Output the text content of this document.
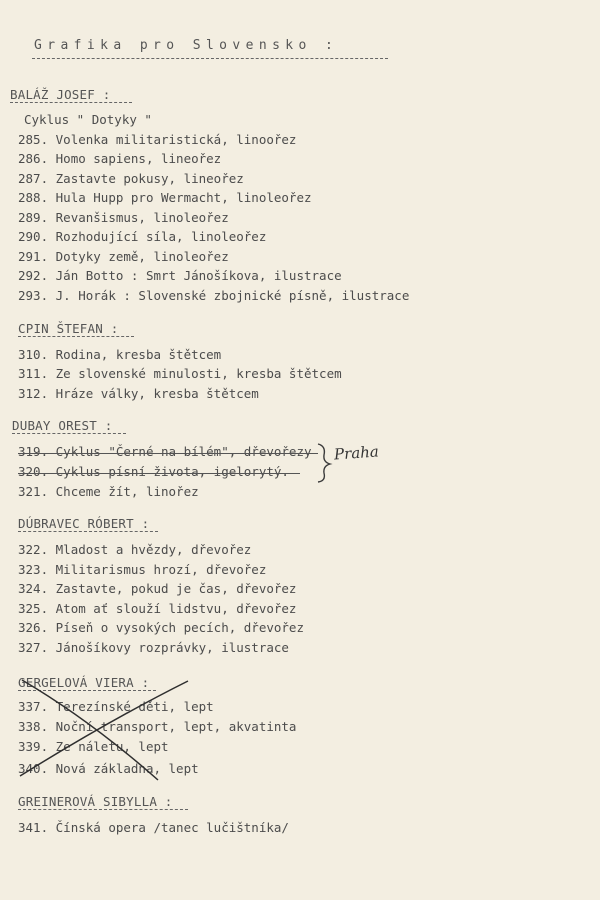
Grafika pro Slovensko :
BALÁŽ JOSEF :
Cyklus " Dotyky "
285. Volenka militaristická, linoořez
286. Homo sapiens, lineořez
287. Zastavte pokusy, lineořez
288. Hula Hupp pro Wermacht, linoleořez
289. Revanšismus, linoleořez
290. Rozhodující síla, linoleořez
291. Dotyky země, linoleořez
292. Ján Botto : Smrt Jánošíkova, ilustrace
293. J. Horák : Slovenské zbojnické písně, ilustrace
CPIN ŠTEFAN :
310. Rodina, kresba štětcem
311. Ze slovenské minulosti, kresba štětcem
312. Hráze války, kresba štětcem
DUBAY OREST :
319. Cyklus "Černé na bílém", dřevořezy
320. Cyklus písní života, igelorytý.
321. Chceme žít, linořez
Praha
DÚBRAVEC RÓBERT :
322. Mladost a hvězdy, dřevořez
323. Militarismus hrozí, dřevořez
324. Zastavte, pokud je čas, dřevořez
325. Atom ať slouží lidstvu, dřevořez
326. Píseň o vysokých pecích, dřevořez
327. Jánošíkovy rozprávky, ilustrace
GERGELOVÁ VIERA :
337. Terezínské děti, lept
338. Noční transport, lept, akvatinta
339. Ze náletu, lept
340. Nová základna, lept
GREINEROVÁ SIBYLLA :
341. Čínská opera /tanec lučištníka/
